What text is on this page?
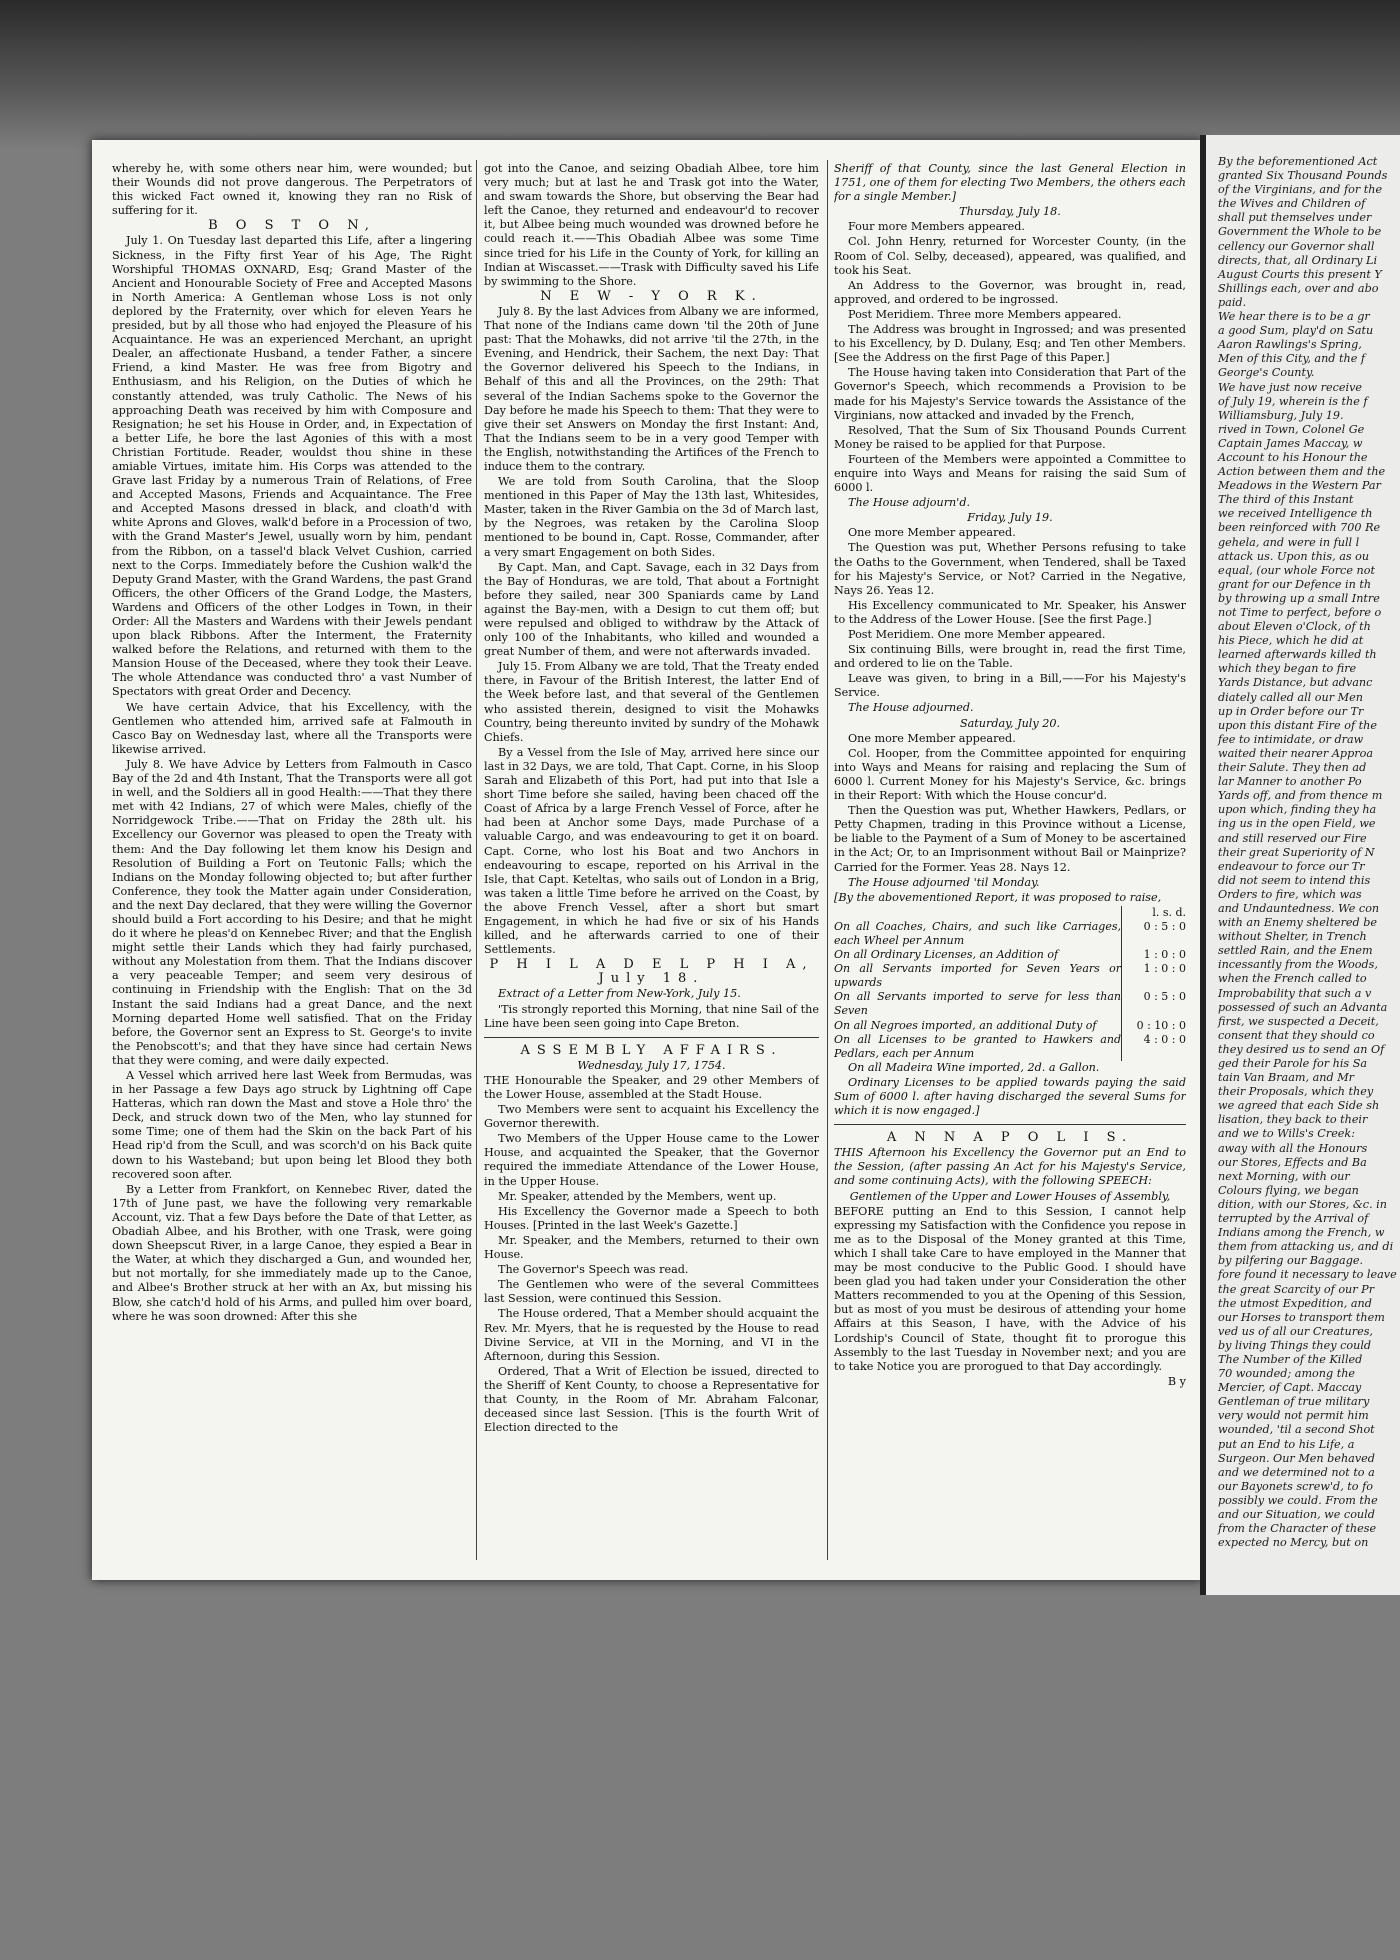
whereby he, with some others near him, were wounded; but their Wounds did not prove dangerous. The Perpetrators of this wicked Fact owned it, knowing they ran no Risk of suffering for it.

B O S T O N,

July 1. On Tuesday last departed this Life, after a lingering Sickness, in the Fifty first Year of his Age, The Right Worshipful THOMAS OXNARD, Esq; Grand Master of the Ancient and Honourable Society of Free and Accepted Masons in North America: A Gentleman whose Loss is not only deplored by the Fraternity, over which for eleven Years he presided, but by all those who had enjoyed the Pleasure of his Acquaintance. He was an experienced Merchant, an upright Dealer, an affectionate Husband, a tender Father, a sincere Friend, a kind Master. He was free from Bigotry and Enthusiasm, and his Religion, on the Duties of which he constantly attended, was truly Catholic. The News of his approaching Death was received by him with Composure and Resignation; he set his House in Order, and, in Expectation of a better Life, he bore the last Agonies of this with a most Christian Fortitude. Reader, wouldst thou shine in these amiable Virtues, imitate him. His Corps was attended to the Grave last Friday by a numerous Train of Relations, of Free and Accepted Masons, Friends and Acquaintance. The Free and Accepted Masons dressed in black, and cloath'd with white Aprons and Gloves, walk'd before in a Procession of two, with the Grand Master's Jewel, usually worn by him, pendant from the Ribbon, on a tassel'd black Velvet Cushion, carried next to the Corps. Immediately before the Cushion walk'd the Deputy Grand Master, with the Grand Wardens, the past Grand Officers, the other Officers of the Grand Lodge, the Masters, Wardens and Officers of the other Lodges in Town, in their Order: All the Masters and Wardens with their Jewels pendant upon black Ribbons. After the Interment, the Fraternity walked before the Relations, and returned with them to the Mansion House of the Deceased, where they took their Leave. The whole Attendance was conducted thro' a vast Number of Spectators with great Order and Decency.

We have certain Advice, that his Excellency, with the Gentlemen who attended him, arrived safe at Falmouth in Casco Bay on Wednesday last, where all the Transports were likewise arrived.

July 8. We have Advice by Letters from Falmouth in Casco Bay of the 2d and 4th Instant, That the Transports were all got in well, and the Soldiers all in good Health:——That they there met with 42 Indians, 27 of which were Males, chiefly of the Norridgewock Tribe.——That on Friday the 28th ult. his Excellency our Governor was pleased to open the Treaty with them: And the Day following let them know his Design and Resolution of Building a Fort on Teutonic Falls; which the Indians on the Monday following objected to; but after further Conference, they took the Matter again under Consideration, and the next Day declared, that they were willing the Governor should build a Fort according to his Desire; and that he might do it where he pleas'd on Kennebec River; and that the English might settle their Lands which they had fairly purchased, without any Molestation from them. That the Indians discover a very peaceable Temper; and seem very desirous of continuing in Friendship with the English: That on the 3d Instant the said Indians had a great Dance, and the next Morning departed Home well satisfied. That on the Friday before, the Governor sent an Express to St. George's to invite the Penobscott's; and that they have since had certain News that they were coming, and were daily expected.

A Vessel which arrived here last Week from Bermudas, was in her Passage a few Days ago struck by Lightning off Cape Hatteras, which ran down the Mast and stove a Hole thro' the Deck, and struck down two of the Men, who lay stunned for some Time; one of them had the Skin on the back Part of his Head rip'd from the Scull, and was scorch'd on his Back quite down to his Wasteband; but upon being let Blood they both recovered soon after.

By a Letter from Frankfort, on Kennebec River, dated the 17th of June past, we have the following very remarkable Account, viz. That a few Days before the Date of that Letter, as Obadiah Albee, and his Brother, with one Trask, were going down Sheepscut River, in a large Canoe, they espied a Bear in the Water, at which they discharged a Gun, and wounded her, but not mortally, for she immediately made up to the Canoe, and Albee's Brother struck at her with an Ax, but missing his Blow, she catch'd hold of his Arms, and pulled him over board, where he was soon drowned: After this she

got into the Canoe, and seizing Obadiah Albee, tore him very much; but at last he and Trask got into the Water, and swam towards the Shore, but observing the Bear had left the Canoe, they returned and endeavour'd to recover it, but Albee being much wounded was drowned before he could reach it.——This Obadiah Albee was some Time since tried for his Life in the County of York, for killing an Indian at Wiscasset.——Trask with Difficulty saved his Life by swimming to the Shore.

N E W - Y O R K.

July 8. By the last Advices from Albany we are informed, That none of the Indians came down 'til the 20th of June past: That the Mohawks, did not arrive 'til the 27th, in the Evening, and Hendrick, their Sachem, the next Day: That the Governor delivered his Speech to the Indians, in Behalf of this and all the Provinces, on the 29th: That several of the Indian Sachems spoke to the Governor the Day before he made his Speech to them: That they were to give their set Answers on Monday the first Instant: And, That the Indians seem to be in a very good Temper with the English, notwithstanding the Artifices of the French to induce them to the contrary.

We are told from South Carolina, that the Sloop mentioned in this Paper of May the 13th last, Whitesides, Master, taken in the River Gambia on the 3d of March last, by the Negroes, was retaken by the Carolina Sloop mentioned to be bound in, Capt. Rosse, Commander, after a very smart Engagement on both Sides.

By Capt. Man, and Capt. Savage, each in 32 Days from the Bay of Honduras, we are told, That about a Fortnight before they sailed, near 300 Spaniards came by Land against the Bay-men, with a Design to cut them off; but were repulsed and obliged to withdraw by the Attack of only 100 of the Inhabitants, who killed and wounded a great Number of them, and were not afterwards invaded.

July 15. From Albany we are told, That the Treaty ended there, in Favour of the British Interest, the latter End of the Week before last, and that several of the Gentlemen who assisted therein, designed to visit the Mohawks Country, being thereunto invited by sundry of the Mohawk Chiefs.

By a Vessel from the Isle of May, arrived here since our last in 32 Days, we are told, That Capt. Corne, in his Sloop Sarah and Elizabeth of this Port, had put into that Isle a short Time before she sailed, having been chaced off the Coast of Africa by a large French Vessel of Force, after he had been at Anchor some Days, made Purchase of a valuable Cargo, and was endeavouring to get it on board. Capt. Corne, who lost his Boat and two Anchors in endeavouring to escape, reported on his Arrival in the Isle, that Capt. Keteltas, who sails out of London in a Brig, was taken a little Time before he arrived on the Coast, by the above French Vessel, after a short but smart Engagement, in which he had five or six of his Hands killed, and he afterwards carried to one of their Settlements.

P H I L A D E L P H I A, July 18.

Extract of a Letter from New-York, July 15.

'Tis strongly reported this Morning, that nine Sail of the Line have been seen going into Cape Breton.

ASSEMBLY AFFAIRS.

Wednesday, July 17, 1754.

THE Honourable the Speaker, and 29 other Members of the Lower House, assembled at the Stadt House.

Two Members were sent to acquaint his Excellency the Governor therewith.

Two Members of the Upper House came to the Lower House, and acquainted the Speaker, that the Governor required the immediate Attendance of the Lower House, in the Upper House.

Mr. Speaker, attended by the Members, went up.

His Excellency the Governor made a Speech to both Houses. [Printed in the last Week's Gazette.]

Mr. Speaker, and the Members, returned to their own House.

The Governor's Speech was read.

The Gentlemen who were of the several Committees last Session, were continued this Session.

The House ordered, That a Member should acquaint the Rev. Mr. Myers, that he is requested by the House to read Divine Service, at VII in the Morning, and VI in the Afternoon, during this Session.

Ordered, That a Writ of Election be issued, directed to the Sheriff of Kent County, to choose a Representative for that County, in the Room of Mr. Abraham Falconar, deceased since last Session. [This is the fourth Writ of Election directed to the

Sheriff of that County, since the last General Election in 1751, one of them for electing Two Members, the others each for a single Member.]

Thursday, July 18.

Four more Members appeared.

Col. John Henry, returned for Worcester County, (in the Room of Col. Selby, deceased), appeared, was qualified, and took his Seat.

An Address to the Governor, was brought in, read, approved, and ordered to be ingrossed.

Post Meridiem. Three more Members appeared.

The Address was brought in Ingrossed; and was presented to his Excellency, by D. Dulany, Esq; and Ten other Members. [See the Address on the first Page of this Paper.]

The House having taken into Consideration that Part of the Governor's Speech, which recommends a Provision to be made for his Majesty's Service towards the Assistance of the Virginians, now attacked and invaded by the French,

Resolved, That the Sum of Six Thousand Pounds Current Money be raised to be applied for that Purpose.

Fourteen of the Members were appointed a Committee to enquire into Ways and Means for raising the said Sum of 6000 l.

The House adjourn'd.

Friday, July 19.

One more Member appeared.

The Question was put, Whether Persons refusing to take the Oaths to the Government, when Tendered, shall be Taxed for his Majesty's Service, or Not? Carried in the Negative, Nays 26. Yeas 12.

His Excellency communicated to Mr. Speaker, his Answer to the Address of the Lower House. [See the first Page.]

Post Meridiem. One more Member appeared.

Six continuing Bills, were brought in, read the first Time, and ordered to lie on the Table.

Leave was given, to bring in a Bill,——For his Majesty's Service.

The House adjourned.

Saturday, July 20.

One more Member appeared.

Col. Hooper, from the Committee appointed for enquiring into Ways and Means for raising and replacing the Sum of 6000 l. Current Money for his Majesty's Service, &c. brings in their Report: With which the House concur'd.

Then the Question was put, Whether Hawkers, Pedlars, or Petty Chapmen, trading in this Province without a License, be liable to the Payment of a Sum of Money to be ascertained in the Act; Or, to an Imprisonment without Bail or Mainprize? Carried for the Former. Yeas 28. Nays 12.

The House adjourned 'til Monday.

[By the abovementioned Report, it was proposed to raise,

	l. s. d.
On all Coaches, Chairs, and such like Carriages, each Wheel per Annum	0 : 5 : 0
On all Ordinary Licenses, an Addition of	1 : 0 : 0
On all Servants imported for Seven Years or upwards	1 : 0 : 0
On all Servants imported to serve for less than Seven	0 : 5 : 0
On all Negroes imported, an additional Duty of	0 : 10 : 0
On all Licenses to be granted to Hawkers and Pedlars, each per Annum	4 : 0 : 0

On all Madeira Wine imported, 2d. a Gallon.

Ordinary Licenses to be applied towards paying the said Sum of 6000 l. after having discharged the several Sums for which it is now engaged.]

A N N A P O L I S.

THIS Afternoon his Excellency the Governor put an End to the Session, (after passing An Act for his Majesty's Service, and some continuing Acts), with the following SPEECH:

Gentlemen of the Upper and Lower Houses of Assembly,

BEFORE putting an End to this Session, I cannot help expressing my Satisfaction with the Confidence you repose in me as to the Disposal of the Money granted at this Time, which I shall take Care to have employed in the Manner that may be most conducive to the Public Good. I should have been glad you had taken under your Consideration the other Matters recommended to you at the Opening of this Session, but as most of you must be desirous of attending your home Affairs at this Season, I have, with the Advice of his Lordship's Council of State, thought fit to prorogue this Assembly to the last Tuesday in November next; and you are to take Notice you are prorogued to that Day accordingly.

B y

By the beforementioned Act

granted Six Thousand Pounds

of the Virginians, and for the

the Wives and Children of

shall put themselves under

Government the Whole to be

cellency our Governor shall

directs, that, all Ordinary Li

August Courts this present Y

Shillings each, over and abo

paid.

We hear there is to be a gr

a good Sum, play'd on Satu

Aaron Rawlings's Spring,

Men of this City, and the f

George's County.

We have just now receive

of July 19, wherein is the f

Williamsburg, July 19.

rived in Town, Colonel Ge

Captain James Maccay, w

Account to his Honour the

Action between them and the

Meadows in the Western Par

The third of this Instant

we received Intelligence th

been reinforced with 700 Re

gehela, and were in full l

attack us. Upon this, as ou

equal, (our whole Force not

grant for our Defence in th

by throwing up a small Intre

not Time to perfect, before o

about Eleven o'Clock, of th

his Piece, which he did at

learned afterwards killed th

which they began to fire

Yards Distance, but advanc

diately called all our Men

up in Order before our Tr

upon this distant Fire of the

fee to intimidate, or draw

waited their nearer Approa

their Salute. They then ad

lar Manner to another Po

Yards off, and from thence m

upon which, finding they ha

ing us in the open Field, we

and still reserved our Fire

their great Superiority of N

endeavour to force our Tr

did not seem to intend this

Orders to fire, which was

and Undauntedness. We con

with an Enemy sheltered be

without Shelter, in Trench

settled Rain, and the Enem

incessantly from the Woods,

when the French called to

Improbability that such a v

possessed of such an Advanta

first, we suspected a Deceit,

consent that they should co

they desired us to send an Of

ged their Parole for his Sa

tain Van Braam, and Mr

their Proposals, which they

we agreed that each Side sh

lisation, they back to their

and we to Wills's Creek:

away with all the Honours

our Stores, Effects and Ba

next Morning, with our

Colours flying, we began

dition, with our Stores, &c. in

terrupted by the Arrival of

Indians among the French, w

them from attacking us, and di

by pilfering our Baggage.

fore found it necessary to leave

the great Scarcity of our Pr

the utmost Expedition, and

our Horses to transport them

ved us of all our Creatures,

by living Things they could

The Number of the Killed

70 wounded; among the

Mercier, of Capt. Maccay

Gentleman of true military

very would not permit him

wounded, 'til a second Shot

put an End to his Life, a

Surgeon. Our Men behaved

and we determined not to a

our Bayonets screw'd, to fo

possibly we could. From the

and our Situation, we could

from the Character of these

expected no Mercy, but on
